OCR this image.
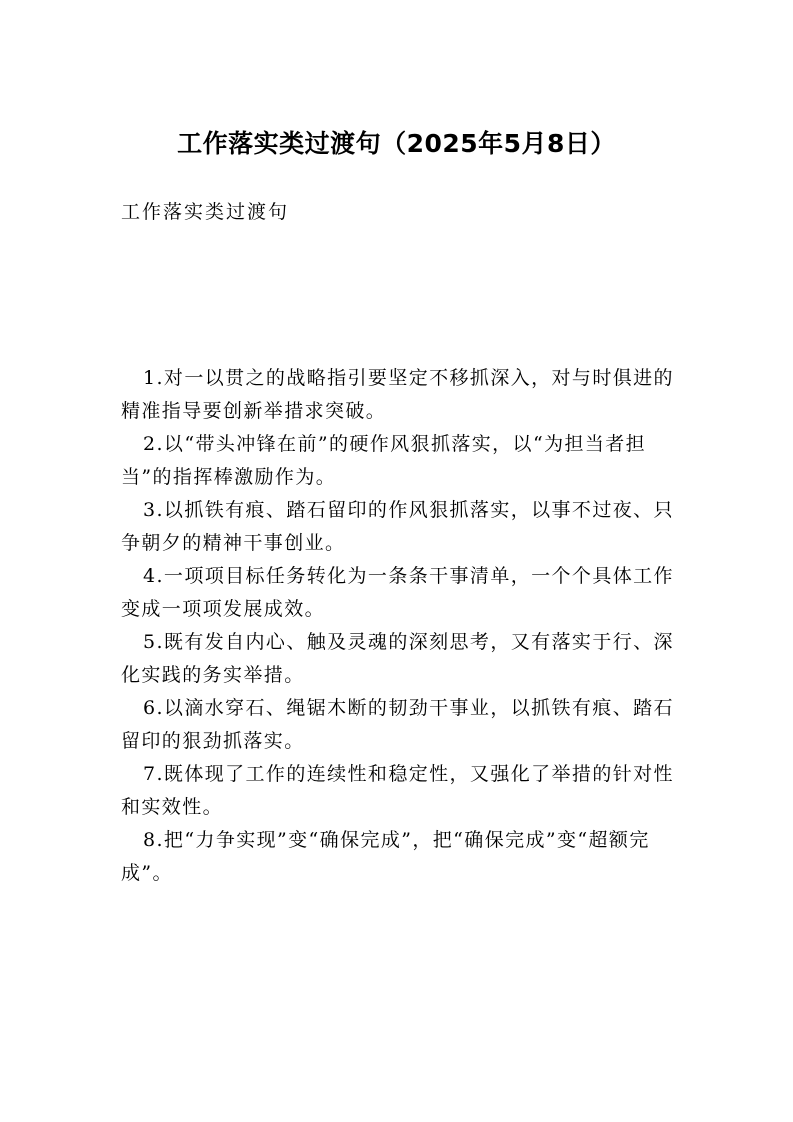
工作落实类过渡句（2025年5月8日）
工作落实类过渡句

1.对一以贯之的战略指引要坚定不移抓深入，对与时俱进的精准指导要创新举措求突破。

2.以“带头冲锋在前”的硬作风狠抓落实，以“为担当者担当”的指挥棒激励作为。

3.以抓铁有痕、踏石留印的作风狠抓落实，以事不过夜、只争朝夕的精神干事创业。

4.一项项目标任务转化为一条条干事清单，一个个具体工作变成一项项发展成效。

5.既有发自内心、触及灵魂的深刻思考，又有落实于行、深化实践的务实举措。

6.以滴水穿石、绳锯木断的韧劲干事业，以抓铁有痕、踏石留印的狠劲抓落实。

7.既体现了工作的连续性和稳定性，又强化了举措的针对性和实效性。

8.把“力争实现”变“确保完成”，把“确保完成”变“超额完成”。
